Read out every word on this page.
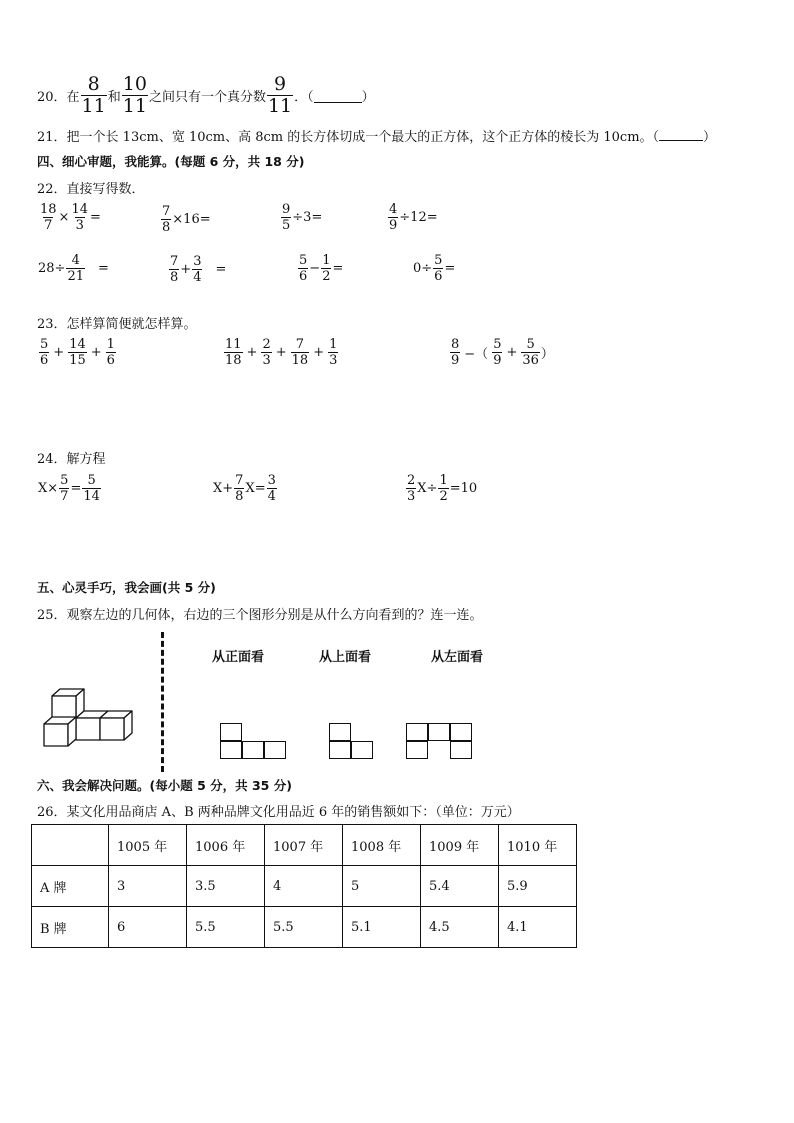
20．在 $\frac{8}{11}$ 和 $\frac{10}{11}$ 之间只有一个真分数 $\frac{9}{11}$ ．（	）
21．把一个长 13cm、宽 10cm、高 8cm 的长方体切成一个最大的正方体，这个正方体的棱长为 10cm。（	）
四、细心审题，我能算。(每题 6 分，共 18 分)
22．直接写得数．
$\frac{18}{7} \times \frac{14}{3}$ =	$\frac{7}{8} \times 16=$	$\frac{9}{5} \div 3=$	$\frac{4}{9} \div 12=$
$28\div \frac{4}{21}$ =	$\frac{7}{8} + \frac{3}{4}$ =	$\frac{5}{6} - \frac{1}{2}$ =	$0\div \frac{5}{6}$ =
23．怎样算简便就怎样算。
$\frac{5}{6} + \frac{14}{15} + \frac{1}{6}$	$\frac{11}{18} + \frac{2}{3} + \frac{7}{18} + \frac{1}{3}$	$\frac{8}{9}$ −（ $\frac{5}{9} + \frac{5}{36}$ ）
24．解方程
$X\times \frac{5}{7} = \frac{5}{14}$	$X+ \frac{7}{8} X= \frac{3}{4}$	$\frac{2}{3} X\div \frac{1}{2} =10$
五、心灵手巧，我会画(共 5 分)
25．观察左边的几何体，右边的三个图形分别是从什么方向看到的？连一连。
从正面看	从上面看	从左面看
六、我会解决问题。(每小题 5 分，共 35 分)
26．某文化用品商店 A、B 两种品牌文化用品近 6 年的销售额如下：（单位：万元）
	1005 年	1006 年	1007 年	1008 年	1009 年	1010 年
A 牌	3	3.5	4	5	5.4	5.9
B 牌	6	5.5	5.5	5.1	4.5	4.1
